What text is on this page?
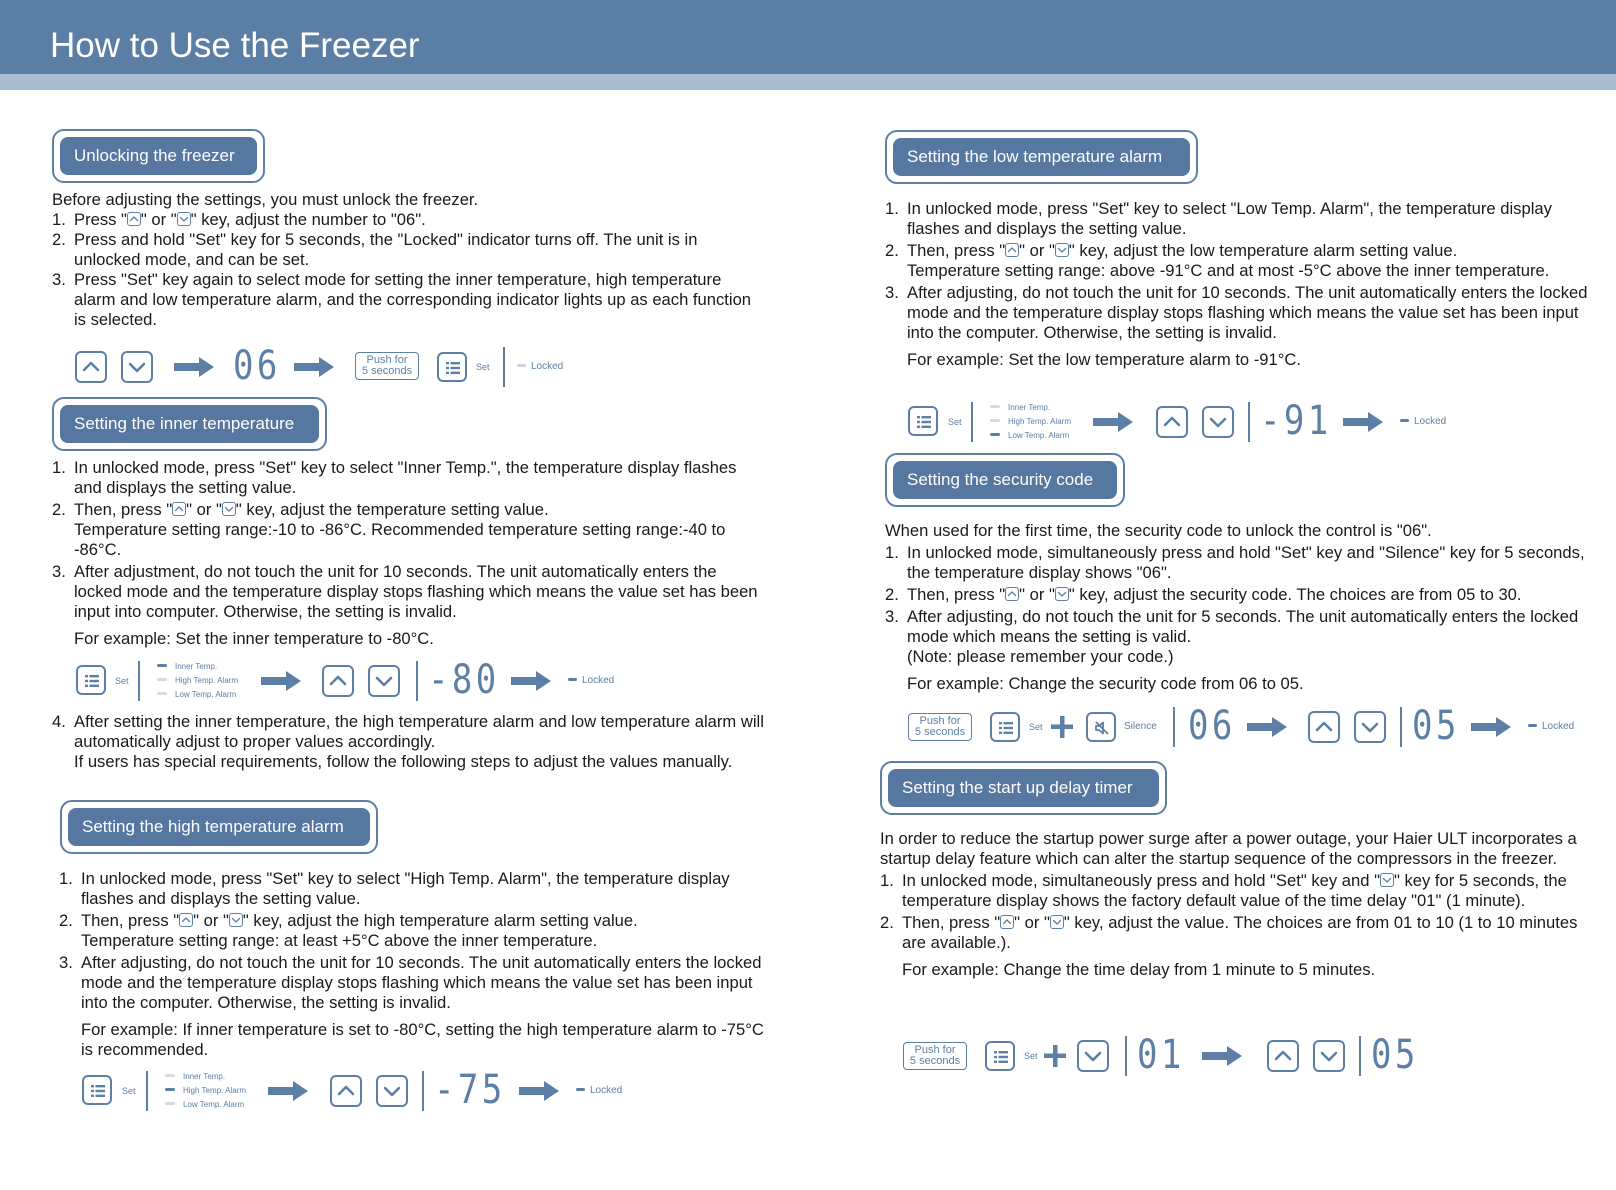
How to Use the Freezer
Unlocking the freezer

Before adjusting the settings, you must unlock the freezer.

1. Press " " or " " key, adjust the number to "06".
2. Press and hold "Set" key for 5 seconds, the "Locked" indicator turns off. The unit is in unlocked mode, and can be set.
3. Press "Set" key again to select mode for setting the inner temperature, high temperature alarm and low temperature alarm, and the corresponding indicator lights up as each function is selected.
06	Push for
5 seconds	Set	Locked
Setting the inner temperature
1. In unlocked mode, press "Set" key to select "Inner Temp.", the temperature display flashes and displays the setting value.
2. Then, press " " or " " key, adjust the temperature setting value.
Temperature setting range:-10 to -86°C. Recommended temperature setting range:-40 to -86°C.
3. After adjustment, do not touch the unit for 10 seconds. The unit automatically enters the locked mode and the temperature display stops flashing which means the value set has been input into computer. Otherwise, the setting is invalid.

For example: Set the inner temperature to -80°C.

Set
Inner Temp.
High Temp. Alarm
Low Temp. Alarm	-80	Locked
4. After setting the inner temperature, the high temperature alarm and low temperature alarm will automatically adjust to proper values accordingly.
If users has special requirements, follow the following steps to adjust the values manually.
Setting the high temperature alarm
1. In unlocked mode, press "Set" key to select "High Temp. Alarm", the temperature display flashes and displays the setting value.
2. Then, press " " or " " key, adjust the high temperature alarm setting value.
Temperature setting range: at least +5°C above the inner temperature.
3. After adjusting, do not touch the unit for 10 seconds. The unit automatically enters the locked mode and the temperature display stops flashing which means the value set has been input into the computer. Otherwise, the setting is invalid.

For example: If inner temperature is set to -80°C, setting the high temperature alarm to -75°C is recommended.

Set
Inner Temp.
High Temp. Alarm
Low Temp. Alarm	-75	Locked
Setting the low temperature alarm
1. In unlocked mode, press "Set" key to select "Low Temp. Alarm", the temperature display flashes and displays the setting value.
2. Then, press " " or " " key, adjust the low temperature alarm setting value.
Temperature setting range: above -91°C and at most -5°C above the inner temperature.
3. After adjusting, do not touch the unit for 10 seconds. The unit automatically enters the locked mode and the temperature display stops flashing which means the value set has been input into the computer. Otherwise, the setting is invalid.

For example: Set the low temperature alarm to -91°C.

Set
Inner Temp.
High Temp. Alarm
Low Temp. Alarm	-91	Locked
Setting the security code

When used for the first time, the security code to unlock the control is "06".

1. In unlocked mode, simultaneously press and hold "Set" key and "Silence" key for 5 seconds, the temperature display shows "06".
2. Then, press " " or " " key, adjust the security code. The choices are from 05 to 30.
3. After adjusting, do not touch the unit for 5 seconds. The unit automatically enters the locked mode which means the setting is valid.
(Note: please remember your code.)

For example: Change the security code from 06 to 05.

Push for
5 seconds	Set	Silence 06	05	Locked
Setting the start up delay timer

In order to reduce the startup power surge after a power outage, your Haier ULT incorporates a startup delay feature which can alter the startup sequence of the compressors in the freezer.

1. In unlocked mode, simultaneously press and hold "Set" key and " " key for 5 seconds, the temperature display shows the factory default value of the time delay "01" (1 minute).
2. Then, press " " or " " key, adjust the value. The choices are from 01 to 10 (1 to 10 minutes are available.).

For example: Change the time delay from 1 minute to 5 minutes.

Push for
5 seconds	Set 01	05
